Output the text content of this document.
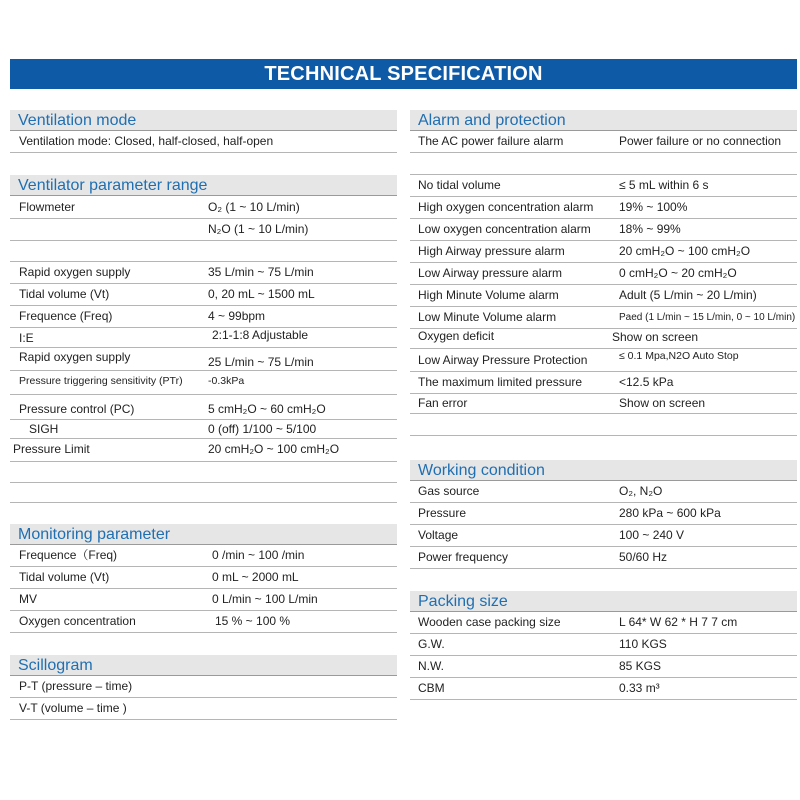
TECHNICAL SPECIFICATION
Ventilation mode
Ventilation mode: Closed, half-closed, half-open
Ventilator parameter range
Flowmeter	O₂ (1 ~ 10 L/min)
N₂O (1 ~ 10 L/min)
Rapid oxygen supply	35 L/min ~ 75 L/min
Tidal volume (Vt)	0, 20 mL ~ 1500 mL
Frequence (Freq)	4 ~ 99bpm
I:E	2:1-1:8 Adjustable
Rapid oxygen supply	25 L/min ~ 75 L/min
Pressure triggering sensitivity (PTr) -0.3kPa
Pressure control (PC)	5 cmH₂O ~ 60 cmH₂O
SIGH	0 (off) 1/100 ~ 5/100
Pressure Limit	20 cmH₂O ~ 100 cmH₂O
Monitoring parameter
Frequence（Freq)	0 /min ~ 100 /min
Tidal volume (Vt)	0 mL ~ 2000 mL
MV	0 L/min ~ 100 L/min
Oxygen concentration	15 % ~ 100 %
Scillogram
P-T (pressure – time)
V-T (volume – time )
Alarm and protection
The AC power failure alarm	Power failure or no connection
No tidal volume	≤ 5 mL within 6 s
High oxygen concentration alarm 19% ~ 100%
Low oxygen concentration alarm 18% ~ 99%
High Airway pressure alarm	20 cmH₂O ~ 100 cmH₂O
Low Airway pressure alarm	0 cmH₂O ~ 20 cmH₂O
High Minute Volume alarm	Adult (5 L/min ~ 20 L/min)
Low Minute Volume alarm	Paed (1 L/min ~ 15 L/min, 0 ~ 10 L/min)
Oxygen deficit	Show on screen
Low Airway Pressure Protection	≤ 0.1 Mpa,N2O Auto Stop
The maximum limited pressure	<12.5 kPa
Fan error	Show on screen
Working condition
Gas source	O₂, N₂O
Pressure	280 kPa ~ 600 kPa
Voltage	100 ~ 240 V
Power frequency	50/60 Hz
Packing size
Wooden case packing size	L 64* W 62 * H 7 7 cm
G.W.	110 KGS
N.W.	85 KGS
CBM	0.33 m³
